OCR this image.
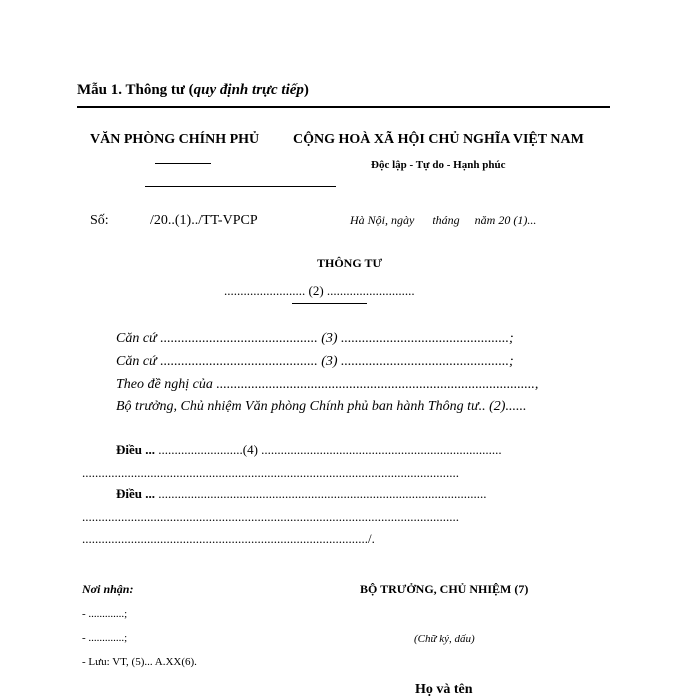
Mẫu 1. Thông tư (quy định trực tiếp)
VĂN PHÒNG CHÍNH PHỦ CỘNG HOÀ XÃ HỘI CHỦ NGHĨA VIỆT NAM
Độc lập - Tự do - Hạnh phúc
Số:	/20..(1)../TT-VPCP	Hà Nội, ngày      tháng     năm 20 (1)...
THÔNG TƯ
......................... (2) ...........................
Căn cứ ............................................. (3) ................................................;
Căn cứ ............................................. (3) ................................................;
Theo đề nghị của ...........................................................................................,
Bộ trưởng, Chủ nhiệm Văn phòng Chính phủ ban hành Thông tư.. (2)......
Điều ... ..........................(4) ..........................................................................
....................................................................................................................
Điều ... .....................................................................................................
....................................................................................................................
......................................................................................../.
Nơi nhận:
- .............;
- .............;
- Lưu: VT, (5)... A.XX(6).
BỘ TRƯỞNG, CHỦ NHIỆM (7)
(Chữ ký, dấu)
Họ và tên
